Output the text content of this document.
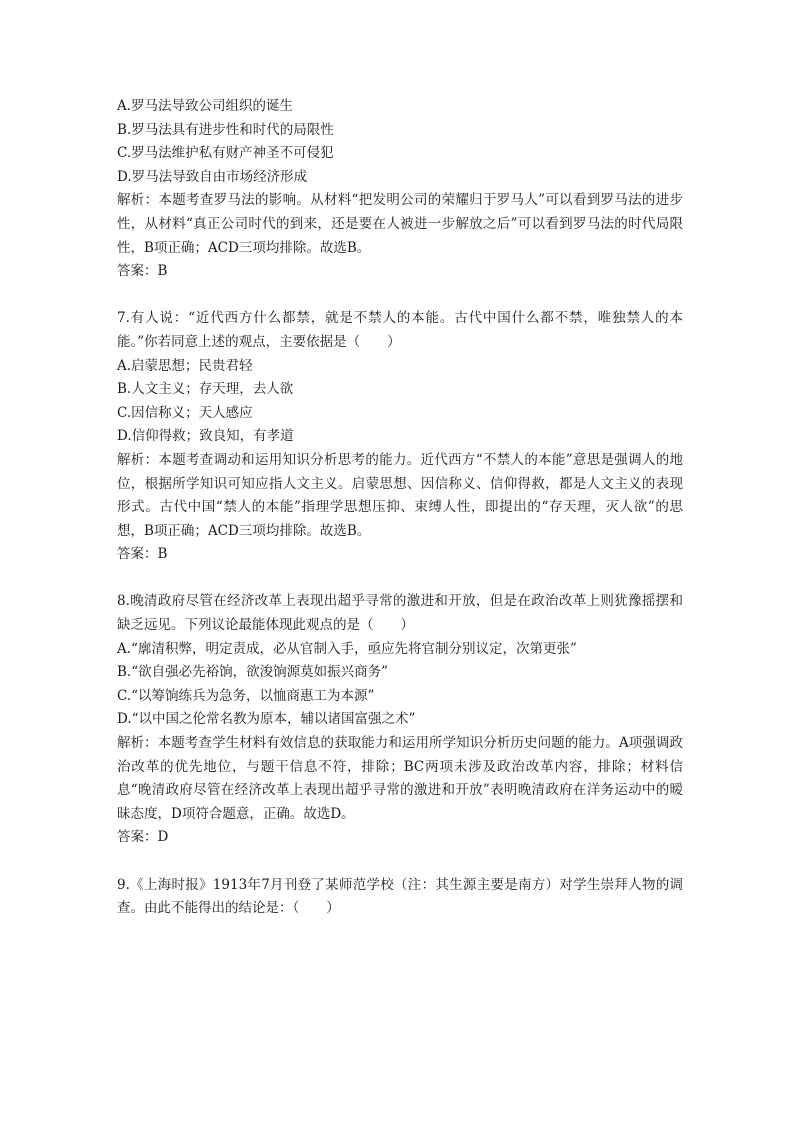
A.罗马法导致公司组织的诞生

B.罗马法具有进步性和时代的局限性

C.罗马法维护私有财产神圣不可侵犯

D.罗马法导致自由市场经济形成

解析：本题考查罗马法的影响。从材料“把发明公司的荣耀归于罗马人”可以看到罗马法的进步性，从材料“真正公司时代的到来，还是要在人被进一步解放之后”可以看到罗马法的时代局限性，B项正确；ACD三项均排除。故选B。

答案：B

7.有人说：“近代西方什么都禁，就是不禁人的本能。古代中国什么都不禁，唯独禁人的本能。”你若同意上述的观点，主要依据是（　　）

A.启蒙思想；民贵君轻

B.人文主义；存天理，去人欲

C.因信称义；天人感应

D.信仰得救；致良知，有孝道

解析：本题考查调动和运用知识分析思考的能力。近代西方“不禁人的本能”意思是强调人的地位，根据所学知识可知应指人文主义。启蒙思想、因信称义、信仰得救，都是人文主义的表现形式。古代中国“禁人的本能”指理学思想压抑、束缚人性，即提出的“存天理，灭人欲”的思想，B项正确；ACD三项均排除。故选B。

答案：B

8.晚清政府尽管在经济改革上表现出超乎寻常的激进和开放，但是在政治改革上则犹豫摇摆和缺乏远见。下列议论最能体现此观点的是（　　）

A.“廓清积弊，明定责成，必从官制入手，亟应先将官制分别议定，次第更张”

B.“欲自强必先裕饷，欲浚饷源莫如振兴商务”

C.“以筹饷练兵为急务，以恤商惠工为本源”

D.“以中国之伦常名教为原本，辅以诸国富强之术”

解析：本题考查学生材料有效信息的获取能力和运用所学知识分析历史问题的能力。A项强调政治改革的优先地位，与题干信息不符，排除；BC两项未涉及政治改革内容，排除；材料信息“晚清政府尽管在经济改革上表现出超乎寻常的激进和开放”表明晚清政府在洋务运动中的暧昧态度，D项符合题意，正确。故选D。

答案：D

9.《上海时报》1913年7月刊登了某师范学校（注：其生源主要是南方）对学生崇拜人物的调查。由此不能得出的结论是：（　　）
